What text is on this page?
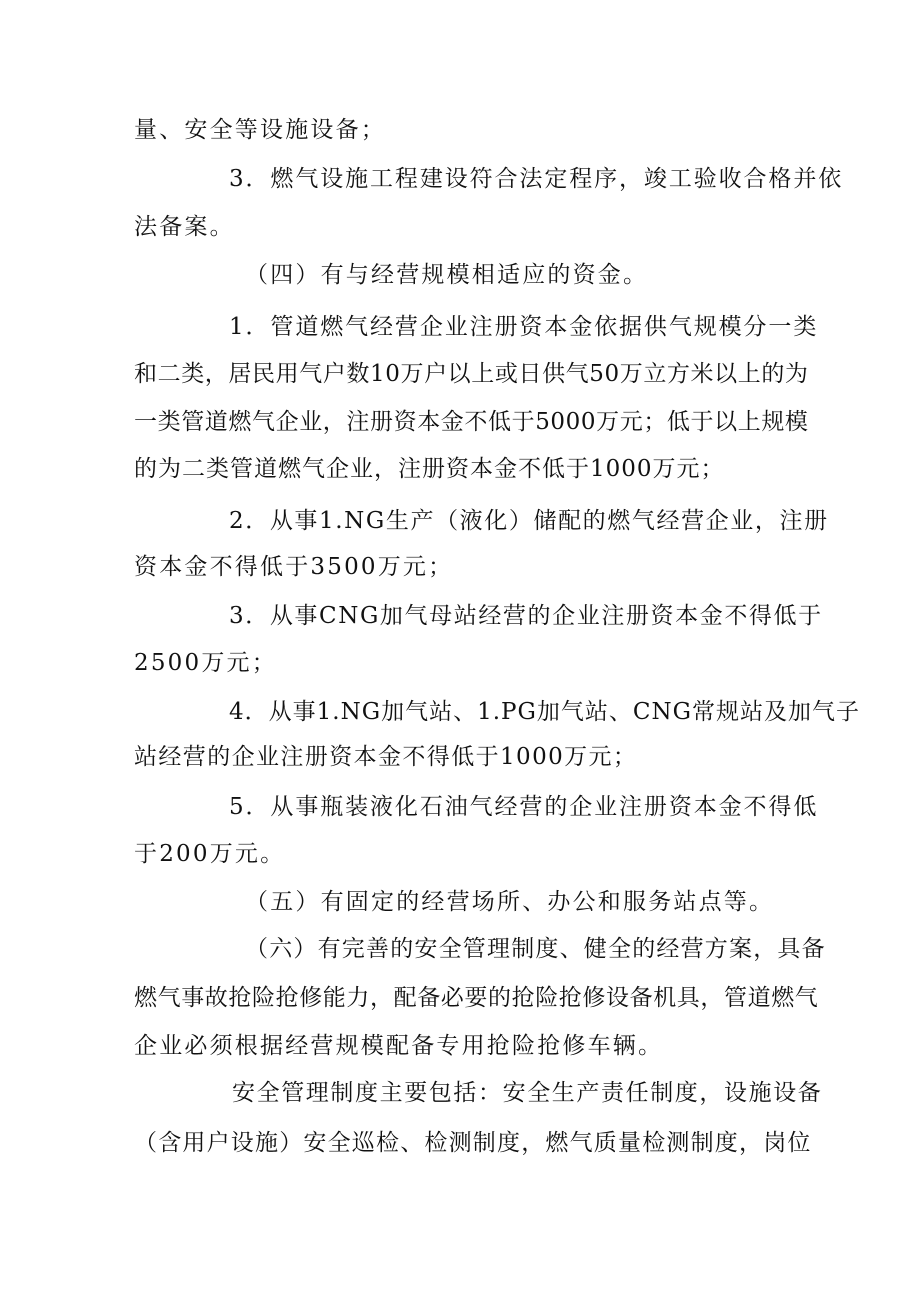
量、安全等设施设备；
3．燃气设施工程建设符合法定程序，竣工验收合格并依
法备案。
（四）有与经营规模相适应的资金。
1．管道燃气经营企业注册资本金依据供气规模分一类
和二类，居民用气户数10万户以上或日供气50万立方米以上的为
一类管道燃气企业，注册资本金不低于5000万元；低于以上规模
的为二类管道燃气企业，注册资本金不低于1000万元；
2．从事1.NG生产（液化）储配的燃气经营企业，注册
资本金不得低于3500万元；
3．从事CNG加气母站经营的企业注册资本金不得低于
2500万元；
4．从事1.NG加气站、1.PG加气站、CNG常规站及加气子
站经营的企业注册资本金不得低于1000万元；
5．从事瓶装液化石油气经营的企业注册资本金不得低
于200万元。
（五）有固定的经营场所、办公和服务站点等。
（六）有完善的安全管理制度、健全的经营方案，具备
燃气事故抢险抢修能力，配备必要的抢险抢修设备机具，管道燃气
企业必须根据经营规模配备专用抢险抢修车辆。
安全管理制度主要包括：安全生产责任制度，设施设备
（含用户设施）安全巡检、检测制度，燃气质量检测制度，岗位
